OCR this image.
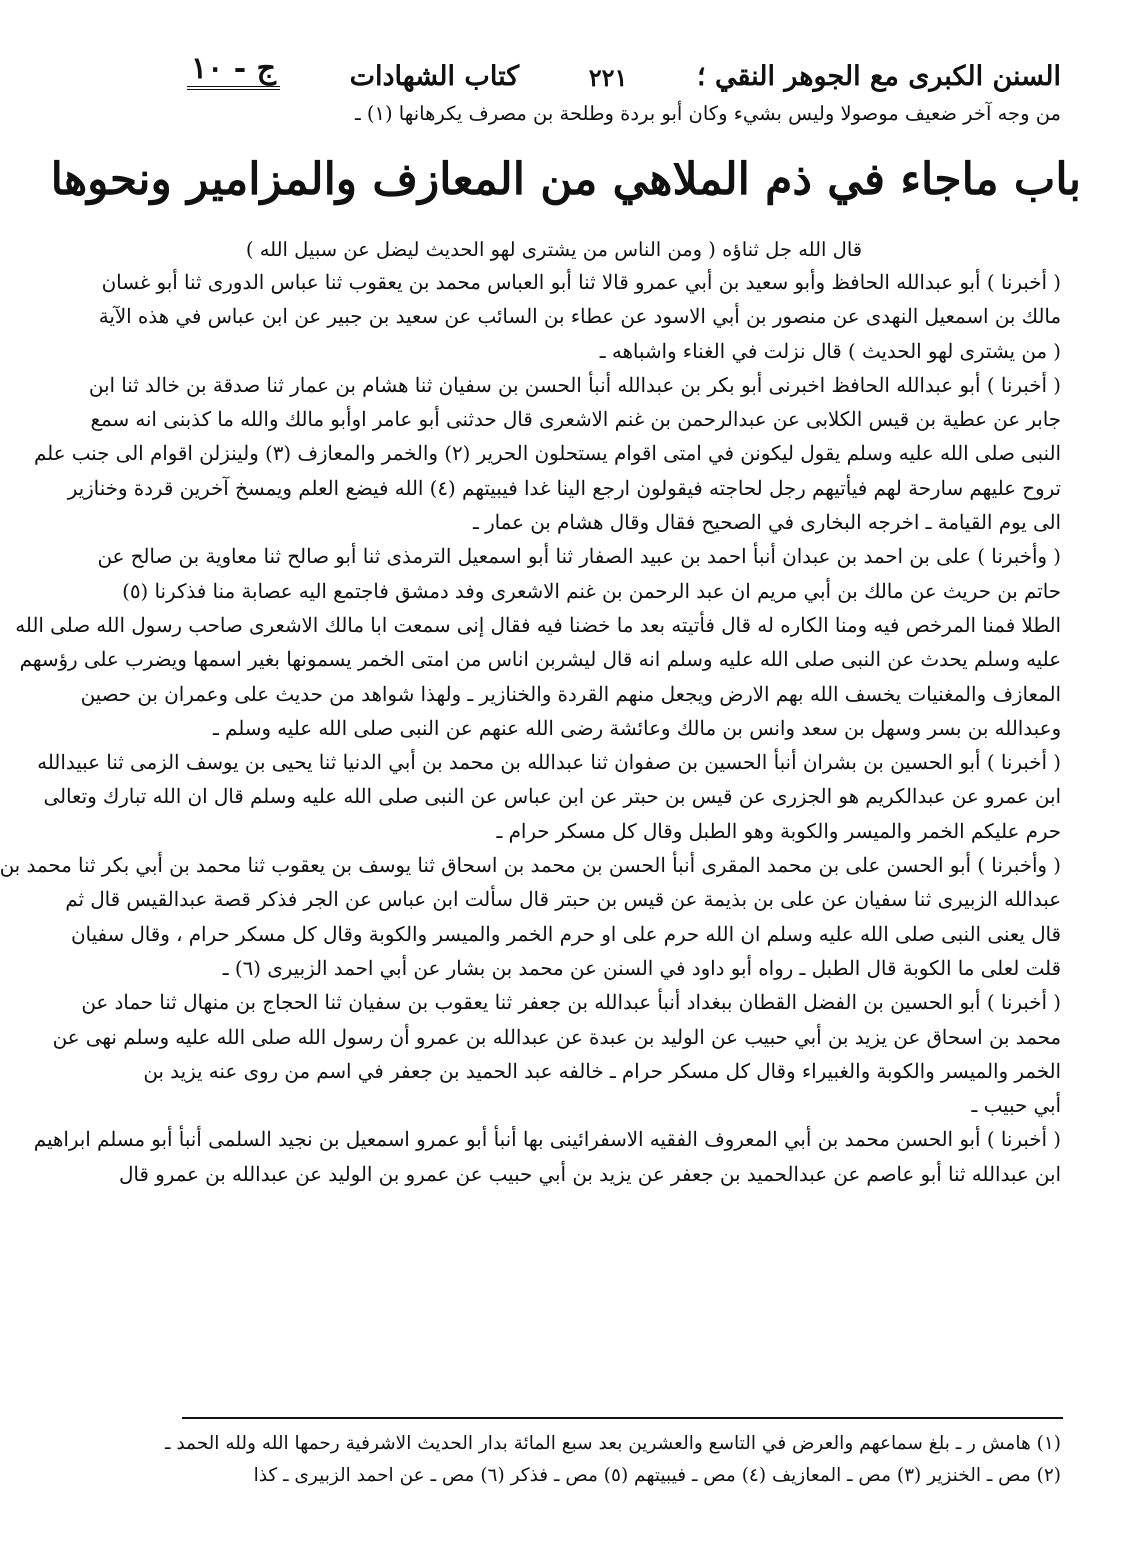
السنن الكبرى مع الجوهر النقي ؛
٢٢١
كتاب الشهادات
ج - ١٠
من وجه آخر ضعيف موصولا وليس بشيء وكان أبو بردة وطلحة بن مصرف يكرهانها (١) ـ
باب ماجاء في ذم الملاهي من المعازف والمزامير ونحوها
قال الله جل ثناؤه ( ومن الناس من يشترى لهو الحديث ليضل عن سبيل الله )
( أخبرنا ) أبو عبدالله الحافظ وأبو سعيد بن أبي عمرو قالا ثنا أبو العباس محمد بن يعقوب ثنا عباس الدورى ثنا أبو غسان
مالك بن اسمعيل النهدى عن منصور بن أبي الاسود عن عطاء بن السائب عن سعيد بن جبير عن ابن عباس في هذه الآية
( من يشترى لهو الحديث ) قال نزلت في الغناء واشباهه ـ
( أخبرنا ) أبو عبدالله الحافظ اخبرنى أبو بكر بن عبدالله أنبأ الحسن بن سفيان ثنا هشام بن عمار ثنا صدقة بن خالد ثنا ابن
جابر عن عطية بن قيس الكلابى عن عبدالرحمن بن غنم الاشعرى قال حدثنى أبو عامر اوأبو مالك والله ما كذبنى انه سمع
النبى صلى الله عليه وسلم يقول ليكونن في امتى اقوام يستحلون الحرير (٢) والخمر والمعازف (٣) ولينزلن اقوام الى جنب علم
تروح عليهم سارحة لهم فيأتيهم رجل لحاجته فيقولون ارجع الينا غدا فيبيتهم (٤) الله فيضع العلم ويمسخ آخرين قردة وخنازير
الى يوم القيامة ـ اخرجه البخارى في الصحيح فقال وقال هشام بن عمار ـ
( وأخبرنا ) على بن احمد بن عبدان أنبأ احمد بن عبيد الصفار ثنا أبو اسمعيل الترمذى ثنا أبو صالح ثنا معاوية بن صالح عن
حاتم بن حريث عن مالك بن أبي مريم ان عبد الرحمن بن غنم الاشعرى وفد دمشق فاجتمع اليه عصابة منا فذكرنا (٥)
الطلا فمنا المرخص فيه ومنا الكاره له قال فأتيته بعد ما خضنا فيه فقال إنى سمعت ابا مالك الاشعرى صاحب رسول الله صلى الله
عليه وسلم يحدث عن النبى صلى الله عليه وسلم انه قال ليشربن اناس من امتى الخمر يسمونها بغير اسمها ويضرب على رؤسهم
المعازف والمغنيات يخسف الله بهم الارض ويجعل منهم القردة والخنازير ـ ولهذا شواهد من حديث على وعمران بن حصين
وعبدالله بن بسر وسهل بن سعد وانس بن مالك وعائشة رضى الله عنهم عن النبى صلى الله عليه وسلم ـ
( أخبرنا ) أبو الحسين بن بشران أنبأ الحسين بن صفوان ثنا عبدالله بن محمد بن أبي الدنيا ثنا يحيى بن يوسف الزمى ثنا عبيدالله
ابن عمرو عن عبدالكريم هو الجزرى عن قيس بن حبتر عن ابن عباس عن النبى صلى الله عليه وسلم قال ان الله تبارك وتعالى
حرم عليكم الخمر والميسر والكوبة وهو الطبل وقال كل مسكر حرام ـ
( وأخبرنا ) أبو الحسن على بن محمد المقرى أنبأ الحسن بن محمد بن اسحاق ثنا يوسف بن يعقوب ثنا محمد بن أبي بكر ثنا محمد بن
عبدالله الزبيرى ثنا سفيان عن على بن بذيمة عن قيس بن حبتر قال سألت ابن عباس عن الجر فذكر قصة عبدالقيس قال ثم
قال يعنى النبى صلى الله عليه وسلم ان الله حرم على او حرم الخمر والميسر والكوبة وقال كل مسكر حرام ، وقال سفيان
قلت لعلى ما الكوبة قال الطبل ـ رواه أبو داود في السنن عن محمد بن بشار عن أبي احمد الزبيرى (٦) ـ
( أخبرنا ) أبو الحسين بن الفضل القطان ببغداد أنبأ عبدالله بن جعفر ثنا يعقوب بن سفيان ثنا الحجاج بن منهال ثنا حماد عن
محمد بن اسحاق عن يزيد بن أبي حبيب عن الوليد بن عبدة عن عبدالله بن عمرو أن رسول الله صلى الله عليه وسلم نهى عن
الخمر والميسر والكوبة والغبيراء وقال كل مسكر حرام ـ خالفه عبد الحميد بن جعفر في اسم من روى عنه يزيد بن
أبي حبيب ـ
( أخبرنا ) أبو الحسن محمد بن أبي المعروف الفقيه الاسفرائينى بها أنبأ أبو عمرو اسمعيل بن نجيد السلمى أنبأ أبو مسلم ابراهيم
ابن عبدالله ثنا أبو عاصم عن عبدالحميد بن جعفر عن يزيد بن أبي حبيب عن عمرو بن الوليد عن عبدالله بن عمرو قال
(١) هامش ر ـ بلغ سماعهم والعرض في التاسع والعشرين بعد سبع المائة بدار الحديث الاشرفية رحمها الله ولله الحمد ـ
(٢) مص ـ الخنزير (٣) مص ـ المعازيف (٤) مص ـ فيبيتهم (٥) مص ـ فذكر (٦) مص ـ عن احمد الزبيرى ـ كذا
